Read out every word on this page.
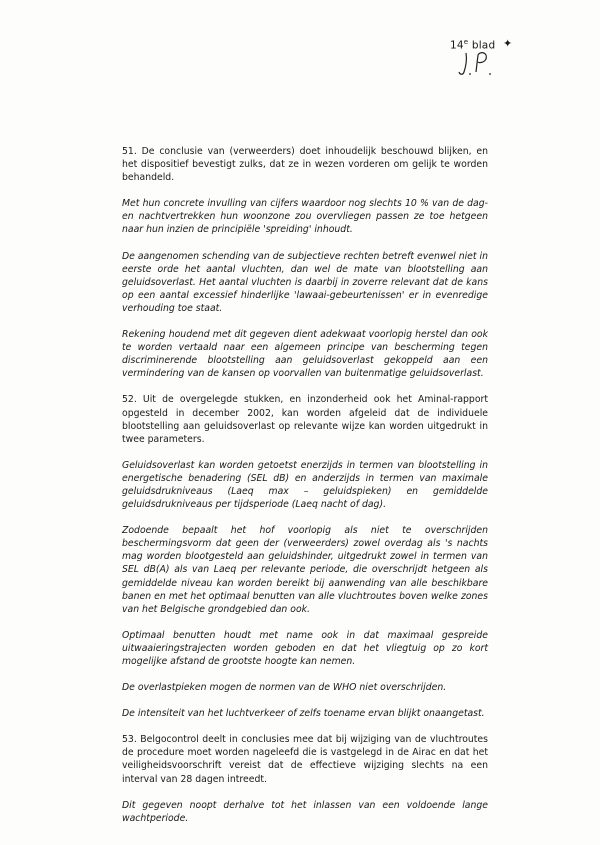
14e blad ✦

51. De conclusie van (verweerders) doet inhoudelijk beschouwd blijken, en het dispositief bevestigt zulks, dat ze in wezen vorderen om gelijk te worden behandeld.

Met hun concrete invulling van cijfers waardoor nog slechts 10 % van de dag- en nachtvertrekken hun woonzone zou overvliegen passen ze toe hetgeen naar hun inzien de principiële 'spreiding' inhoudt.

De aangenomen schending van de subjectieve rechten betreft evenwel niet in eerste orde het aantal vluchten, dan wel de mate van blootstelling aan geluidsoverlast. Het aantal vluchten is daarbij in zoverre relevant dat de kans op een aantal excessief hinderlijke 'lawaai-gebeurtenissen' er in evenredige verhouding toe staat.

Rekening houdend met dit gegeven dient adekwaat voorlopig herstel dan ook te worden vertaald naar een algemeen principe van bescherming tegen discriminerende blootstelling aan geluidsoverlast gekoppeld aan een vermindering van de kansen op voorvallen van buitenmatige geluidsoverlast.

52. Uit de overgelegde stukken, en inzonderheid ook het Aminal-rapport opgesteld in december 2002, kan worden afgeleid dat de individuele blootstelling aan geluidsoverlast op relevante wijze kan worden uitgedrukt in twee parameters.

Geluidsoverlast kan worden getoetst enerzijds in termen van blootstelling in energetische benadering (SEL dB) en anderzijds in termen van maximale geluidsdrukniveaus (Laeq max – geluidspieken) en gemiddelde geluidsdrukniveaus per tijdsperiode (Laeq nacht of dag).

Zodoende bepaalt het hof voorlopig als niet te overschrijden beschermingsvorm dat geen der (verweerders) zowel overdag als 's nachts mag worden blootgesteld aan geluidshinder, uitgedrukt zowel in termen van SEL dB(A) als van Laeq per relevante periode, die overschrijdt hetgeen als gemiddelde niveau kan worden bereikt bij aanwending van alle beschikbare banen en met het optimaal benutten van alle vluchtroutes boven welke zones van het Belgische grondgebied dan ook.

Optimaal benutten houdt met name ook in dat maximaal gespreide uitwaaieringstrajecten worden geboden en dat het vliegtuig op zo kort mogelijke afstand de grootste hoogte kan nemen.

De overlastpieken mogen de normen van de WHO niet overschrijden.

De intensiteit van het luchtverkeer of zelfs toename ervan blijkt onaangetast.

53. Belgocontrol deelt in conclusies mee dat bij wijziging van de vluchtroutes de procedure moet worden nageleefd die is vastgelegd in de Airac en dat het veiligheidsvoorschrift vereist dat de effectieve wijziging slechts na een interval van 28 dagen intreedt.

Dit gegeven noopt derhalve tot het inlassen van een voldoende lange wachtperiode.
